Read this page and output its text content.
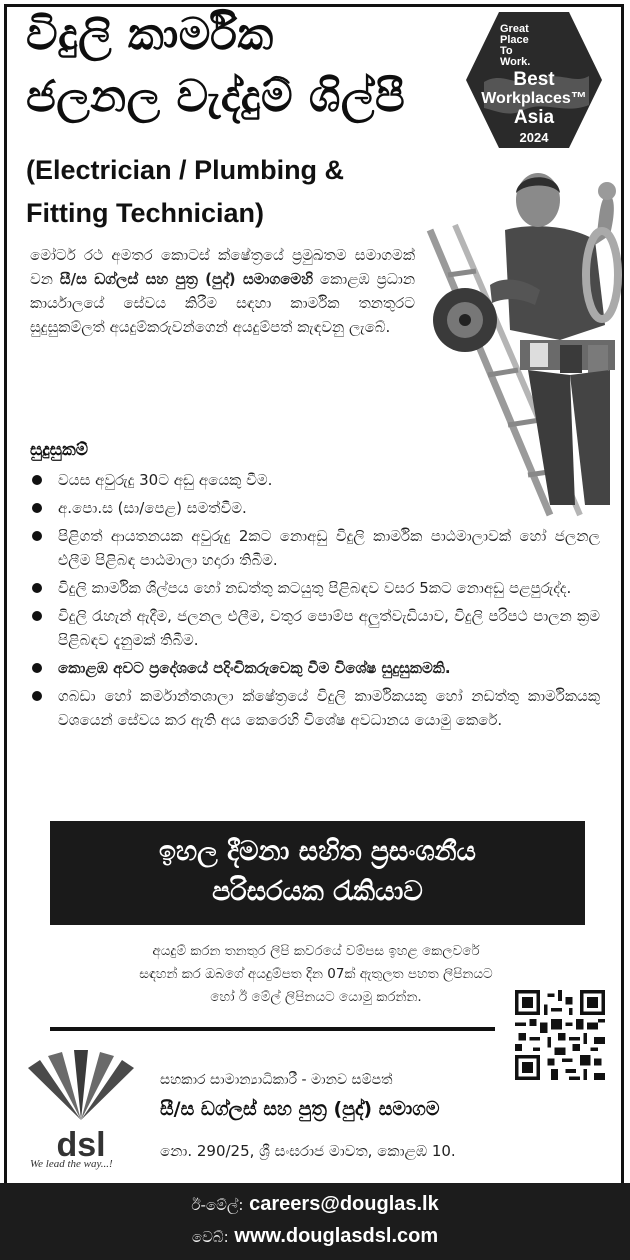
විදුලි කාර්මික
ජලනල වැද්දුම් ශිල්පී
(Electrician / Plumbing &
Fitting Technician)
Great
Place
To
Work.
Best
Workplaces™
Asia
2024
මෝටර් රථ අමතර කොටස් ක්ෂේත්‍රයේ ප්‍රමුඛතම සමාගමක් වන සී/ස ඩග්ලස් සහ පුත්‍ර (පුද්) සමාගමෙහි කොළඹ ප්‍රධාන කාර්යාලයේ සේවය කිරීම සඳහා කාර්මික තනතුරට සුදුසුකම්ලත් අයදුම්කරුවන්ගෙන් අයදුම්පත් කැඳවනු ලැබේ.
සුදුසුකම්
වයස අවුරුදු 30ට අඩු අයෙකු වීම.
අ.පො.ස (සා/පෙළ) සමත්වීම.
පිළිගත් ආයතනයක අවුරුදු 2කට නොඅඩු විදුලි කාර්මික පාඨමාලාවක් හෝ ජලනල එලීම පිළිබඳ පාඨමාලා හදාරා තිබීම.
විදුලි කාර්මික ශිල්පය හෝ නඩත්තු කටයුතු පිළිබඳව වසර 5කට නොඅඩු පළපුරුද්ද.
විදුලි රැහැන් ඇදීම, ජලනල එලීම, වතුර පොම්ප අලුත්වැඩියාව, විදුලි පරිපථ පාලන ක්‍රම පිළිබඳව දැනුමක් තිබීම.
කොළඹ අවට ප්‍රදේශයේ පදිංචිකරුවෙකු වීම විශේෂ සුදුසුකමකි.
ගබඩා හෝ කර්මාන්තශාලා ක්ෂේත්‍රයේ විදුලි කාර්මිකයකු හෝ නඩත්තු කාර්මිකයකු වශයෙන් සේවය කර ඇති අය කෙරෙහි විශේෂ අවධානය යොමු කෙරේ.
ඉහල දීමනා සහිත ප්‍රසංශනීය
පරිසරයක රැකියාව
අයදුම් කරන තනතුර ලිපි කවරයේ වම්පස ඉහළ කෙලවරේ
සඳහන් කර ඔබගේ අයදුම්පත දින 07ක් ඇතුලත පහත ලිපිනයට
හෝ ඊ මේල් ලිපිනයට යොමු කරන්න.
dsl
We lead the way...!
සහකාර සාමාන්‍යාධිකාරී - මානව සම්පත්
සී/ස ඩග්ලස් සහ පුත්‍ර (පුද්) සමාගම
නො. 290/25, ශ්‍රී සංඝරාජ මාවත, කොළඹ 10.
ඊ-මේල්: careers@douglas.lk
වෙබ්: www.douglasdsl.com
